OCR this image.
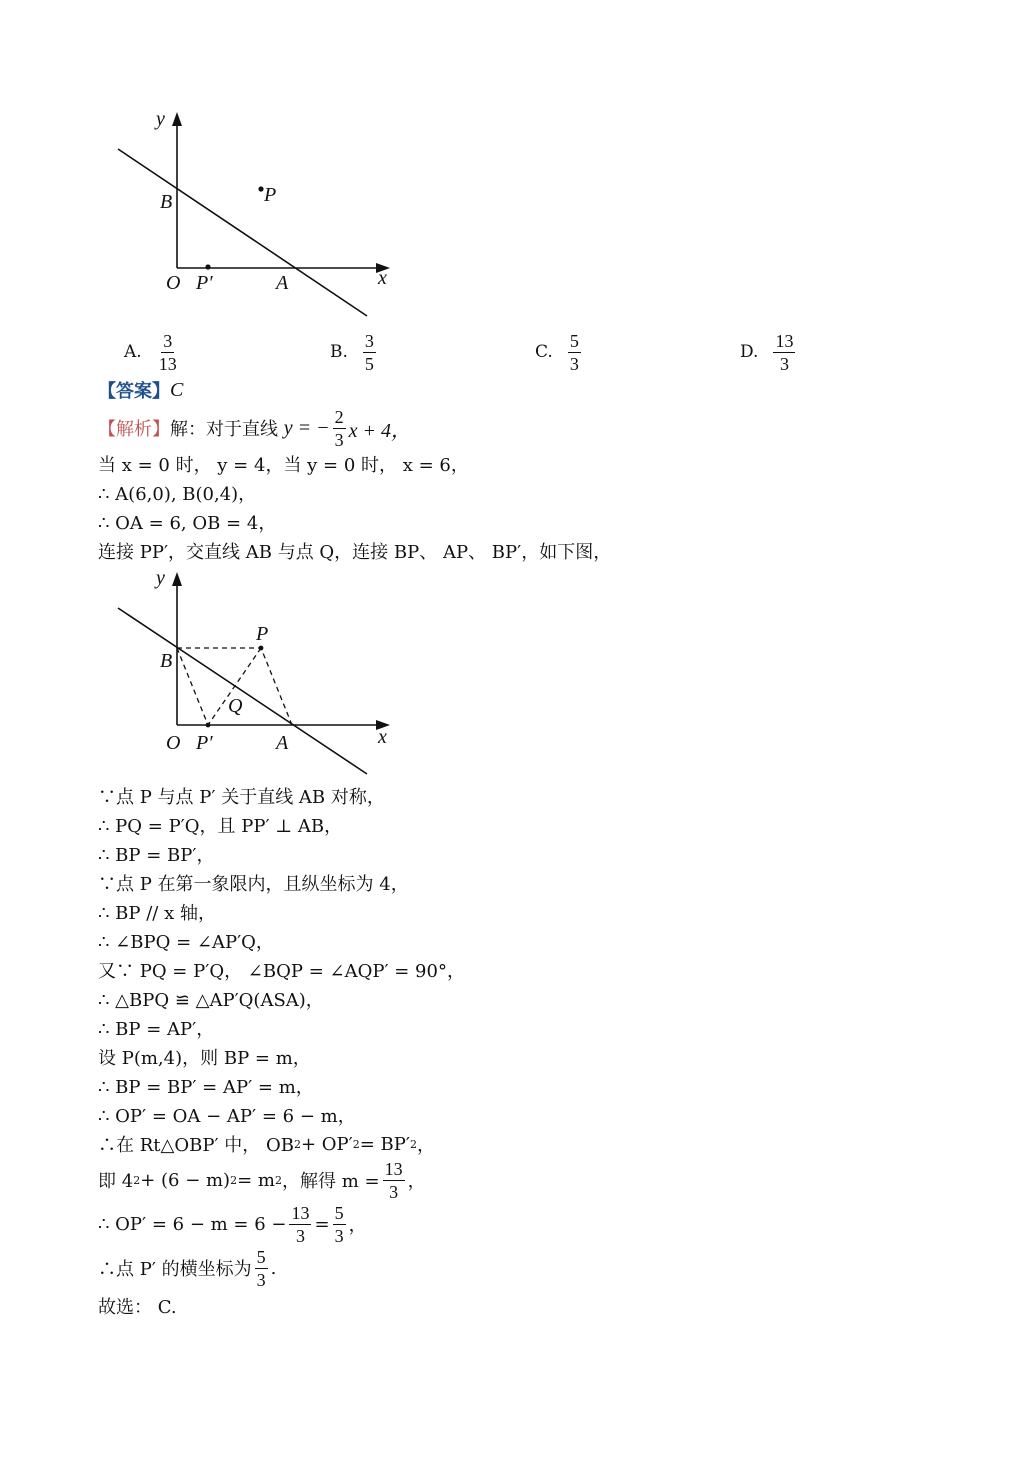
y
x
O
B	P
P′	A
A. $\frac{3}{13}$	B. $\frac{3}{5}$	C. $\frac{5}{3}$	D. $\frac{13}{3}$
【答案】 C
【解析】 解：对于直线
y = − $\frac{2}{3}$ x + 4，
当 x = 0 时， y = 4，当 y = 0 时， x = 6，
∴ A(6,0), B(0,4)，
∴ OA = 6, OB = 4，
连接 PP′，交直线 AB 与点 Q，连接 BP、 AP、 BP′，如下图，
y
x
O
B
P
Q
P′	A
∵点 P 与点 P′ 关于直线 AB 对称，
∴ PQ = P′Q，且 PP′ ⊥ AB，
∴ BP = BP′，
∵点 P 在第一象限内，且纵坐标为 4，
∴ BP // x 轴，
∴ ∠BPQ = ∠AP′Q，
又∵ PQ = P′Q， ∠BQP = ∠AQP′ = 90°，
∴ △BPQ ≌ △AP′Q(ASA)，
∴ BP = AP′，
设 P(m,4)，则 BP = m，
∴ BP = BP′ = AP′ = m，
∴ OP′ = OA − AP′ = 6 − m，
∴在 Rt△OBP′ 中， OB 2 + OP′ 2 = BP′ 2 ，
即 4 2 + (6 − m) 2 = m 2 ，解得 $m = \frac{13}{3}$ ，
∴ $OP' = 6 - m = 6 - \frac{13}{3} = \frac{5}{3}$ ，
∴点 P′ 的横坐标为 $\frac{5}{3}$ .
故选： C.
